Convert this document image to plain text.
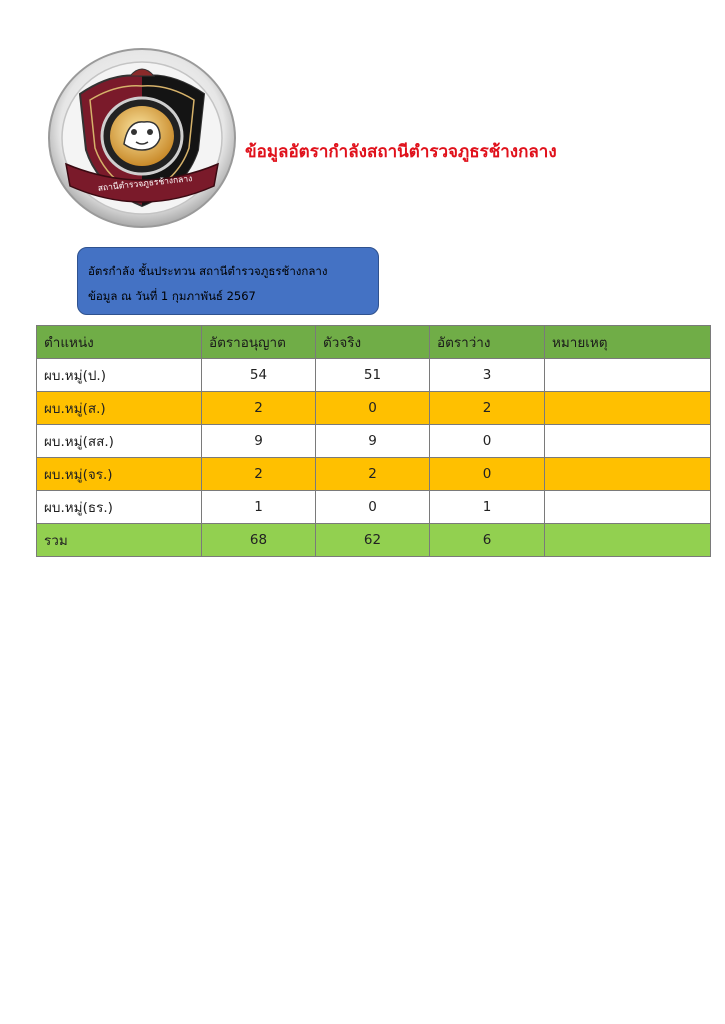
สถานีตำรวจภูธรช้างกลาง
ข้อมูลอัตรากำลังสถานีตำรวจภูธรช้างกลาง
อัตรกำลัง ชั้นประทวน สถานีตำรวจภูธรช้างกลาง
ข้อมูล ณ วันที่ 1 กุมภาพันธ์ 2567
ตำแหน่ง	อัตราอนุญาต	ตัวจริง	อัตราว่าง	หมายเหตุ
ผบ.หมู่(ป.)	54	51	3	
ผบ.หมู่(ส.)	2	0	2	
ผบ.หมู่(สส.)	9	9	0	
ผบ.หมู่(จร.)	2	2	0	
ผบ.หมู่(ธร.)	1	0	1	
รวม	68	62	6	
